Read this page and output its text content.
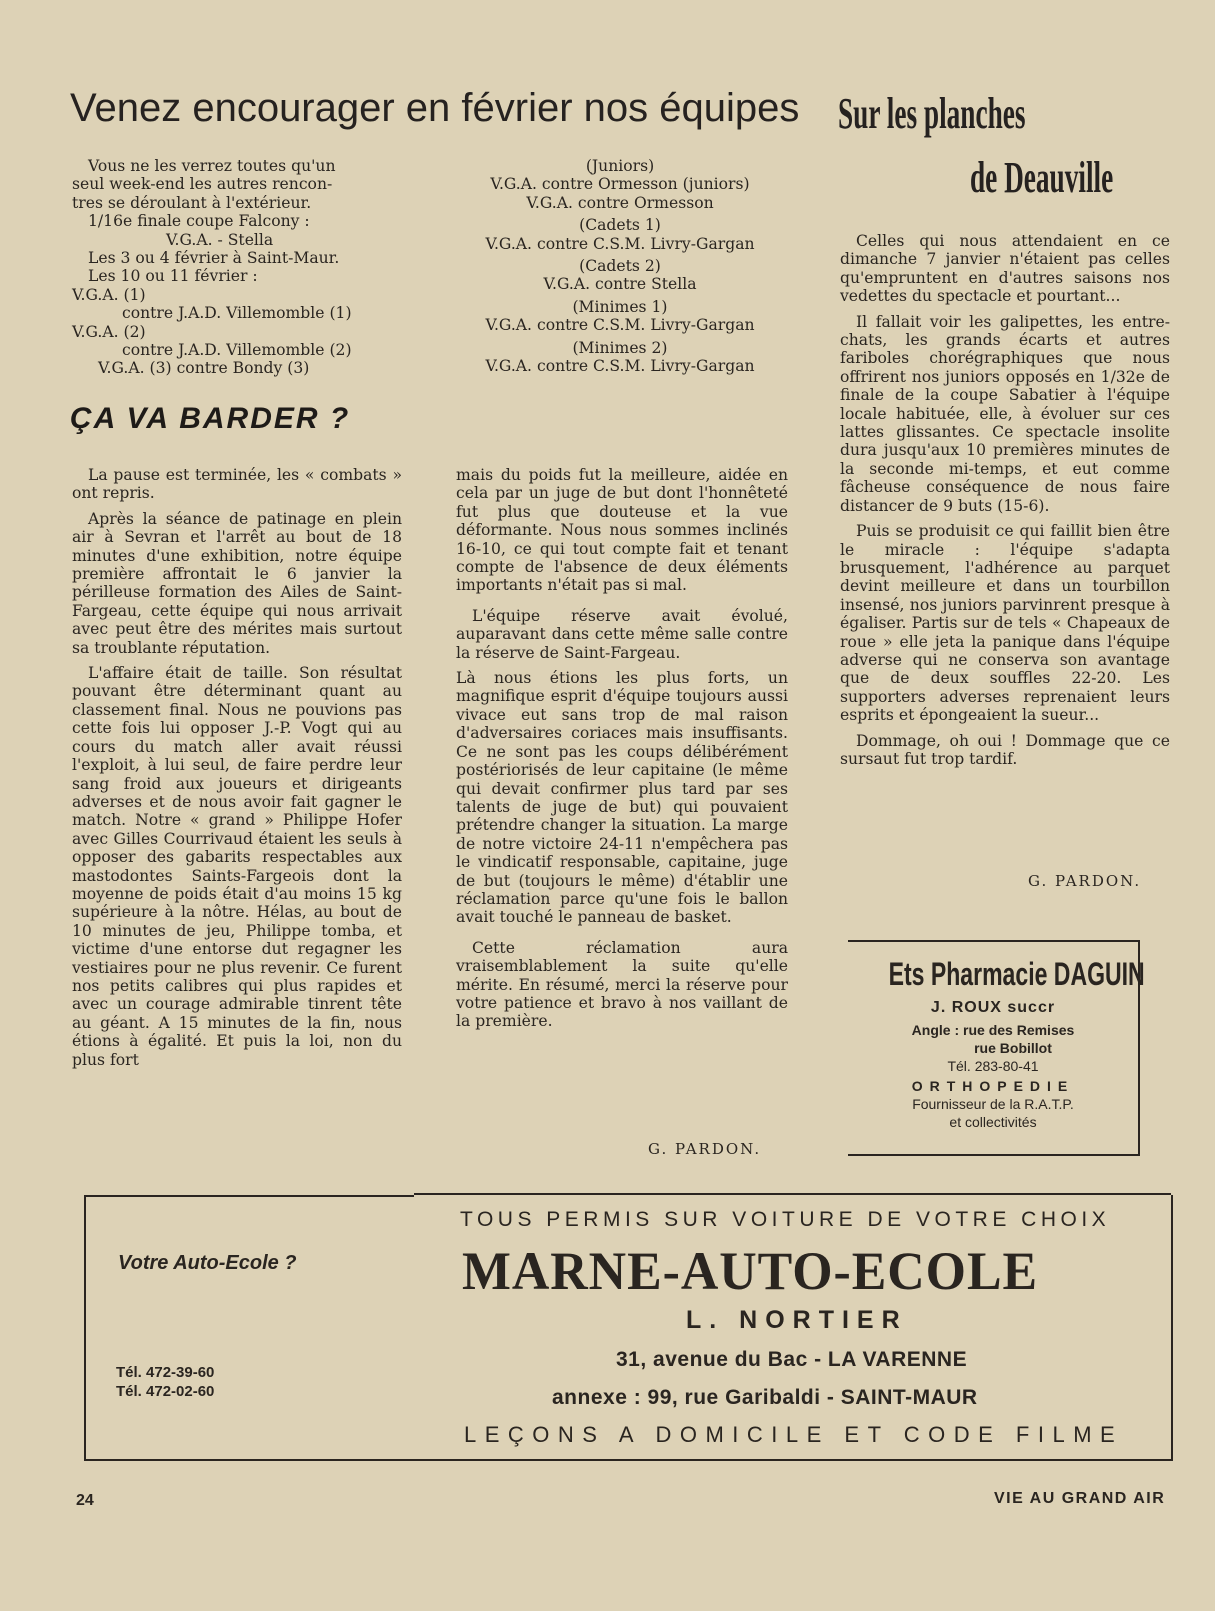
Venez encourager en février nos équipes Sur les planches
de Deauville
Vous ne les verrez toutes qu'un
seul week-end les autres rencon-
tres se déroulant à l'extérieur.
1/16e finale coupe Falcony :
V.G.A. - Stella
Les 3 ou 4 février à Saint-Maur.
Les 10 ou 11 février :
V.G.A. (1)
contre J.A.D. Villemomble (1)
V.G.A. (2)
contre J.A.D. Villemomble (2)
V.G.A. (3) contre Bondy (3)
(Juniors)
V.G.A. contre Ormesson (juniors)
V.G.A. contre Ormesson
(Cadets 1)
V.G.A. contre C.S.M. Livry-Gargan
(Cadets 2)
V.G.A. contre Stella
(Minimes 1)
V.G.A. contre C.S.M. Livry-Gargan
(Minimes 2)
V.G.A. contre C.S.M. Livry-Gargan
ÇA VA BARDER ?

La pause est terminée, les « combats » ont repris.

Après la séance de patinage en plein air à Sevran et l'arrêt au bout de 18 minutes d'une exhibition, notre équipe première affrontait le 6 janvier la périlleuse formation des Ailes de Saint-Fargeau, cette équipe qui nous arrivait avec peut être des mérites mais surtout sa troublante réputation.

L'affaire était de taille. Son résultat pouvant être déterminant quant au classement final. Nous ne pouvions pas cette fois lui opposer J.-P. Vogt qui au cours du match aller avait réussi l'exploit, à lui seul, de faire perdre leur sang froid aux joueurs et dirigeants adverses et de nous avoir fait gagner le match. Notre « grand » Philippe Hofer avec Gilles Courrivaud étaient les seuls à opposer des gabarits respectables aux mastodontes Saints-Fargeois dont la moyenne de poids était d'au moins 15 kg supérieure à la nôtre. Hélas, au bout de 10 minutes de jeu, Philippe tomba, et victime d'une entorse dut regagner les vestiaires pour ne plus revenir. Ce furent nos petits calibres qui plus rapides et avec un courage admirable tinrent tête au géant. A 15 minutes de la fin, nous étions à égalité. Et puis la loi, non du plus fort

mais du poids fut la meilleure, aidée en cela par un juge de but dont l'honnêteté fut plus que douteuse et la vue déformante. Nous nous sommes inclinés 16-10, ce qui tout compte fait et tenant compte de l'absence de deux éléments importants n'était pas si mal.

L'équipe réserve avait évolué, auparavant dans cette même salle contre la réserve de Saint-Fargeau.

Là nous étions les plus forts, un magnifique esprit d'équipe toujours aussi vivace eut sans trop de mal raison d'adversaires coriaces mais insuffisants. Ce ne sont pas les coups délibérément postériorisés de leur capitaine (le même qui devait confirmer plus tard par ses talents de juge de but) qui pouvaient prétendre changer la situation. La marge de notre victoire 24-11 n'empêchera pas le vindicatif responsable, capitaine, juge de but (toujours le même) d'établir une réclamation parce qu'une fois le ballon avait touché le panneau de basket.

Cette réclamation aura vraisemblablement la suite qu'elle mérite. En résumé, merci la réserve pour votre patience et bravo à nos vaillant de la première.

G. PARDON.

Celles qui nous attendaient en ce dimanche 7 janvier n'étaient pas celles qu'empruntent en d'autres saisons nos vedettes du spectacle et pourtant...

Il fallait voir les galipettes, les entre-chats, les grands écarts et autres fariboles chorégraphiques que nous offrirent nos juniors opposés en 1/32e de finale de la coupe Sabatier à l'équipe locale habituée, elle, à évoluer sur ces lattes glissantes. Ce spectacle insolite dura jusqu'aux 10 premières minutes de la seconde mi-temps, et eut comme fâcheuse conséquence de nous faire distancer de 9 buts (15-6).

Puis se produisit ce qui faillit bien être le miracle : l'équipe s'adapta brusquement, l'adhérence au parquet devint meilleure et dans un tourbillon insensé, nos juniors parvinrent presque à égaliser. Partis sur de tels « Chapeaux de roue » elle jeta la panique dans l'équipe adverse qui ne conserva son avantage que de deux souffles 22-20. Les supporters adverses reprenaient leurs esprits et épongeaient la sueur...

Dommage, oh oui ! Dommage que ce sursaut fut trop tardif.

G. PARDON.
Ets Pharmacie DAGUIN
J. ROUX succr
Angle : rue des Remises
rue Bobillot
Tél. 283-80-41
ORTHOPEDIE
Fournisseur de la R.A.T.P.
et collectivités
Votre Auto-Ecole ?
Tél. 472-39-60
Tél. 472-02-60
TOUS PERMIS SUR VOITURE DE VOTRE CHOIX
MARNE-AUTO-ECOLE
L. NORTIER
31, avenue du Bac - LA VARENNE
annexe : 99, rue Garibaldi - SAINT-MAUR
LEÇONS A DOMICILE ET CODE FILME
24	VIE AU GRAND AIR
